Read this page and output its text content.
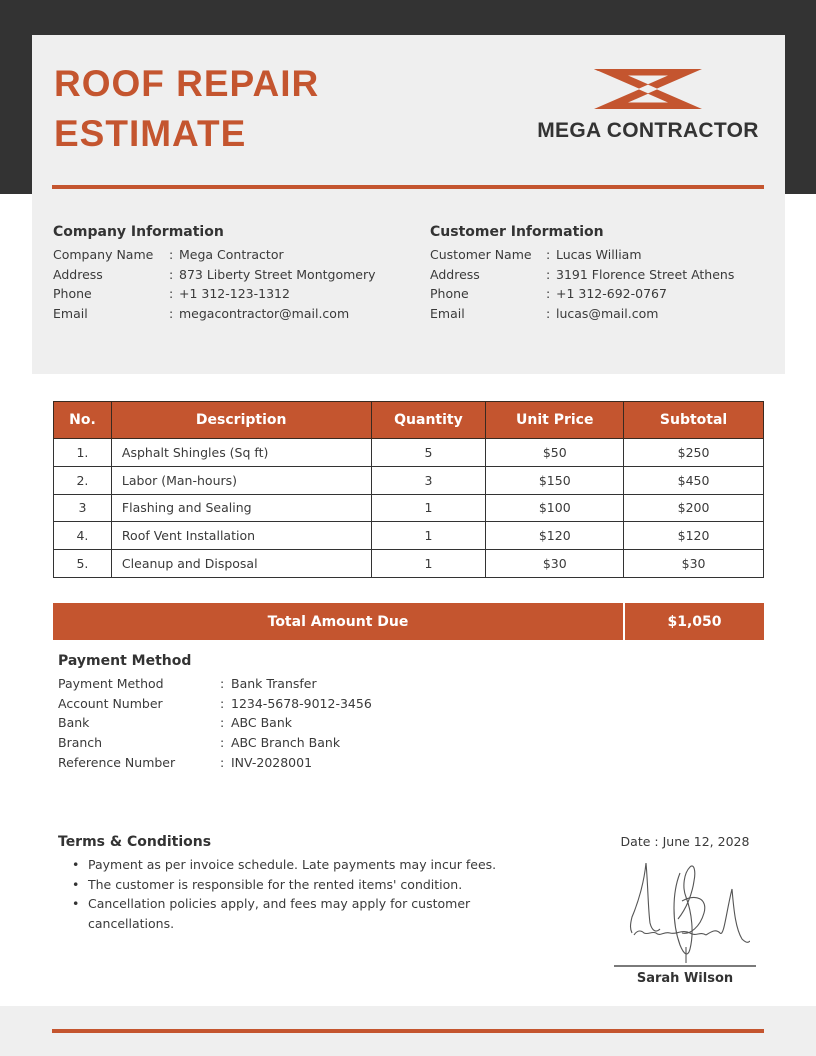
ROOF REPAIR
ESTIMATE	MEGA CONTRACTOR
Company Information
Company Name	: Mega Contractor
Address	: 873 Liberty Street Montgomery
Phone	: +1 312-123-1312
Email	: megacontractor@mail.com
Customer Information
Customer Name	: Lucas William
Address	: 3191 Florence Street Athens
Phone	: +1 312-692-0767
Email	: lucas@mail.com
No.	Description	Quantity	Unit Price	Subtotal
1.	Asphalt Shingles (Sq ft)	5	$50	$250
2.	Labor (Man-hours)	3	$150	$450
3	Flashing and Sealing	1	$100	$200
4.	Roof Vent Installation	1	$120	$120
5.	Cleanup and Disposal	1	$30	$30
Total Amount Due	$1,050
Payment Method
Payment Method	: Bank Transfer
Account Number	: 1234-5678-9012-3456
Bank	: ABC Bank
Branch	: ABC Branch Bank
Reference Number	: INV-2028001
Terms & Conditions
• Payment as per invoice schedule. Late payments may incur fees.
• The customer is responsible for the rented items' condition.
• Cancellation policies apply, and fees may apply for customer cancellations.
Date : June 12, 2028
Sarah Wilson
